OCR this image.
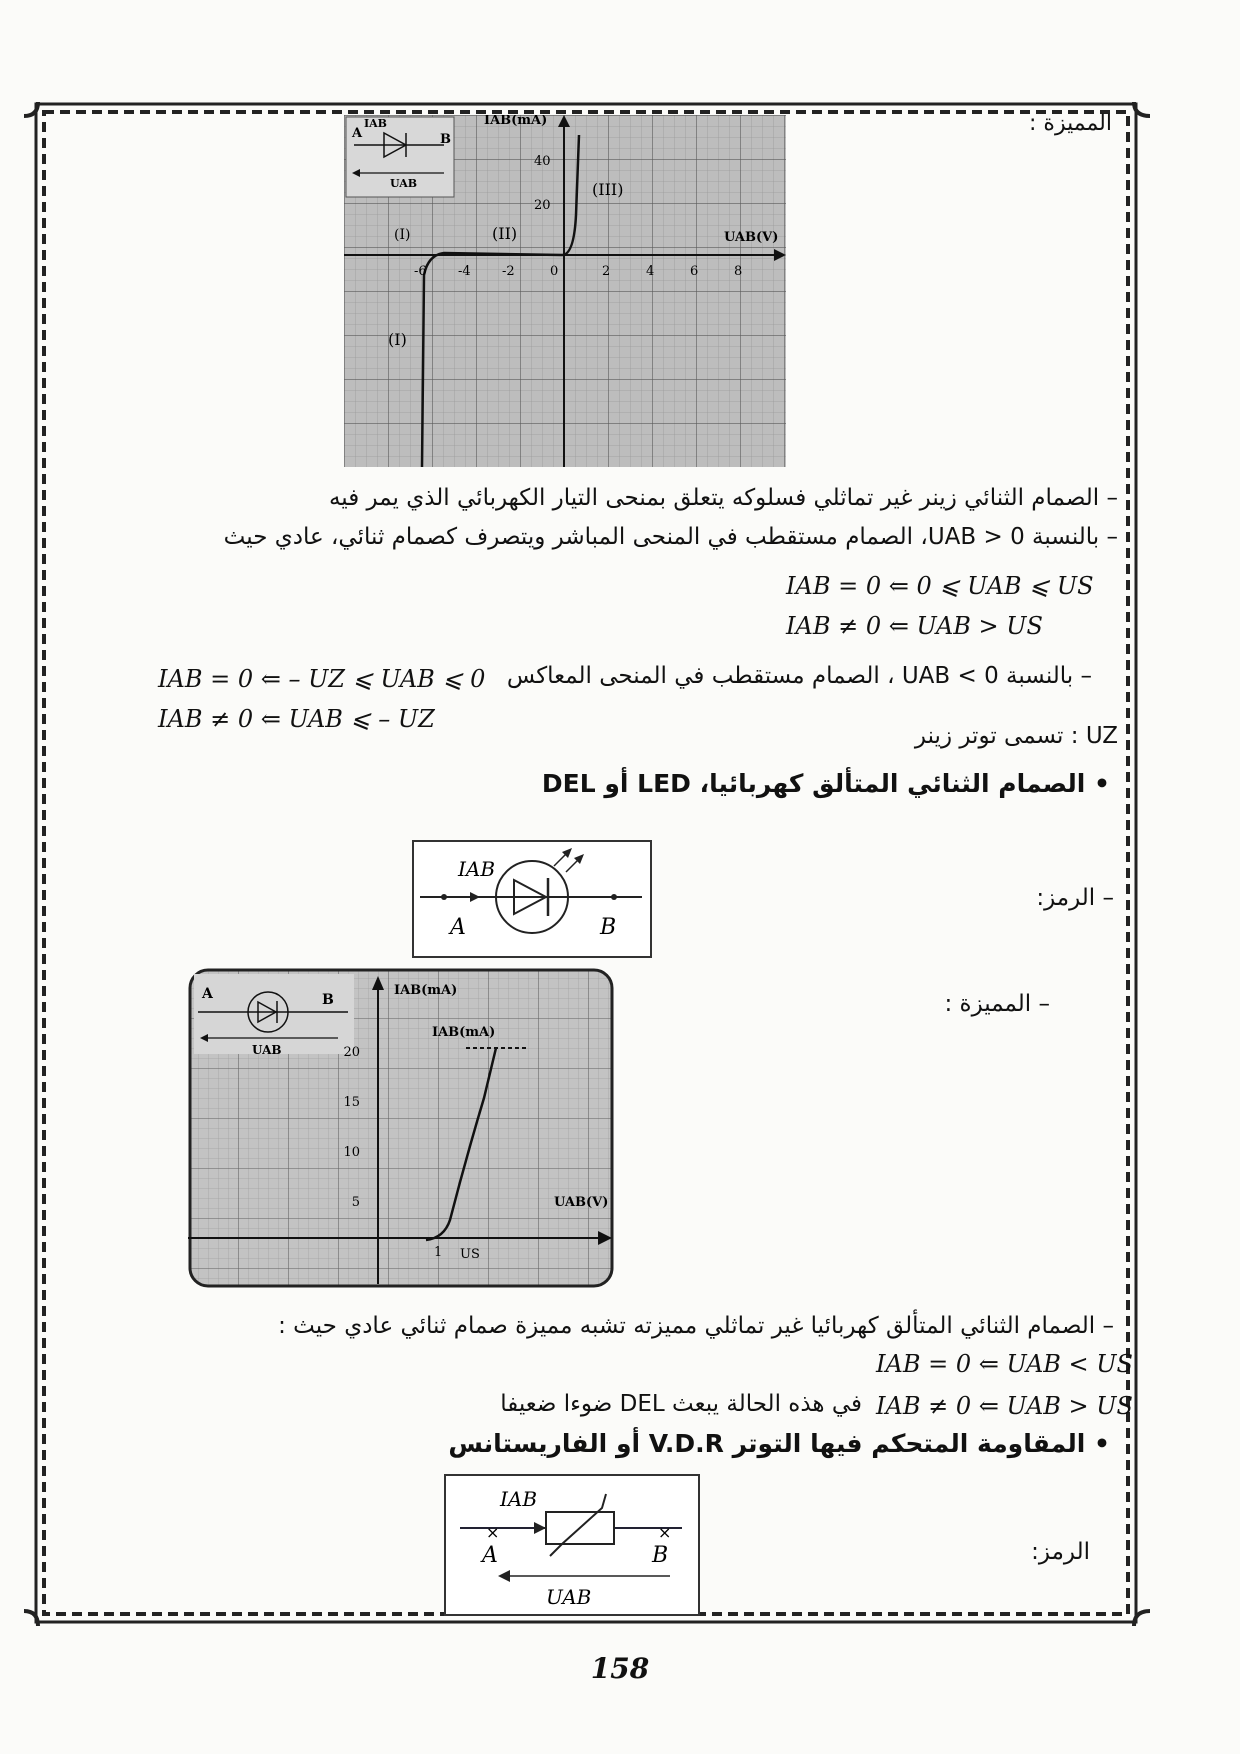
المميزة :
A	B
IAB
UAB
IAB(mA)
UAB(V)
40
20
-6 -4 -2	0	2	4	6	8
(III)
(II)
(I)
(I)
– الصمام الثنائي زينر غير تماثلي فسلوكه يتعلق بمنحى التيار الكهربائي الذي يمر فيه
– بالنسبة 0 < UAB، الصمام مستقطب في المنحى المباشر ويتصرف كصمام ثنائي، عادي حيث
IAB = 0 ⇐ 0 ⩽ UAB ⩽ US
IAB ≠ 0 ⇐ UAB > US
– بالنسبة 0 > UAB ، الصمام مستقطب في المنحى المعاكس
IAB = 0 ⇐ – UZ ⩽ UAB ⩽ 0
IAB ≠ 0 ⇐ UAB ⩽ – UZ
UZ : تسمى توتر زينر
• الصمام الثنائي المتألق كهربائيا، LED أو DEL
IAB
A	B
– الرمز:
A	B
UAB
IAB(mA)
IAB(mA)
UAB(V)
20
15
10
5
1 US
– المميزة :
– الصمام الثنائي المتألق كهربائيا غير تماثلي مميزته تشبه مميزة صمام ثنائي عادي حيث :
IAB = 0 ⇐ UAB < US
IAB ≠ 0 ⇐ UAB > US
في هذه الحالة يبعث DEL ضوءا ضعيفا
• المقاومة المتحكم فيها التوتر V.D.R أو الفاريستانس
×	×
IAB
A	B
UAB
الرمز:
158
